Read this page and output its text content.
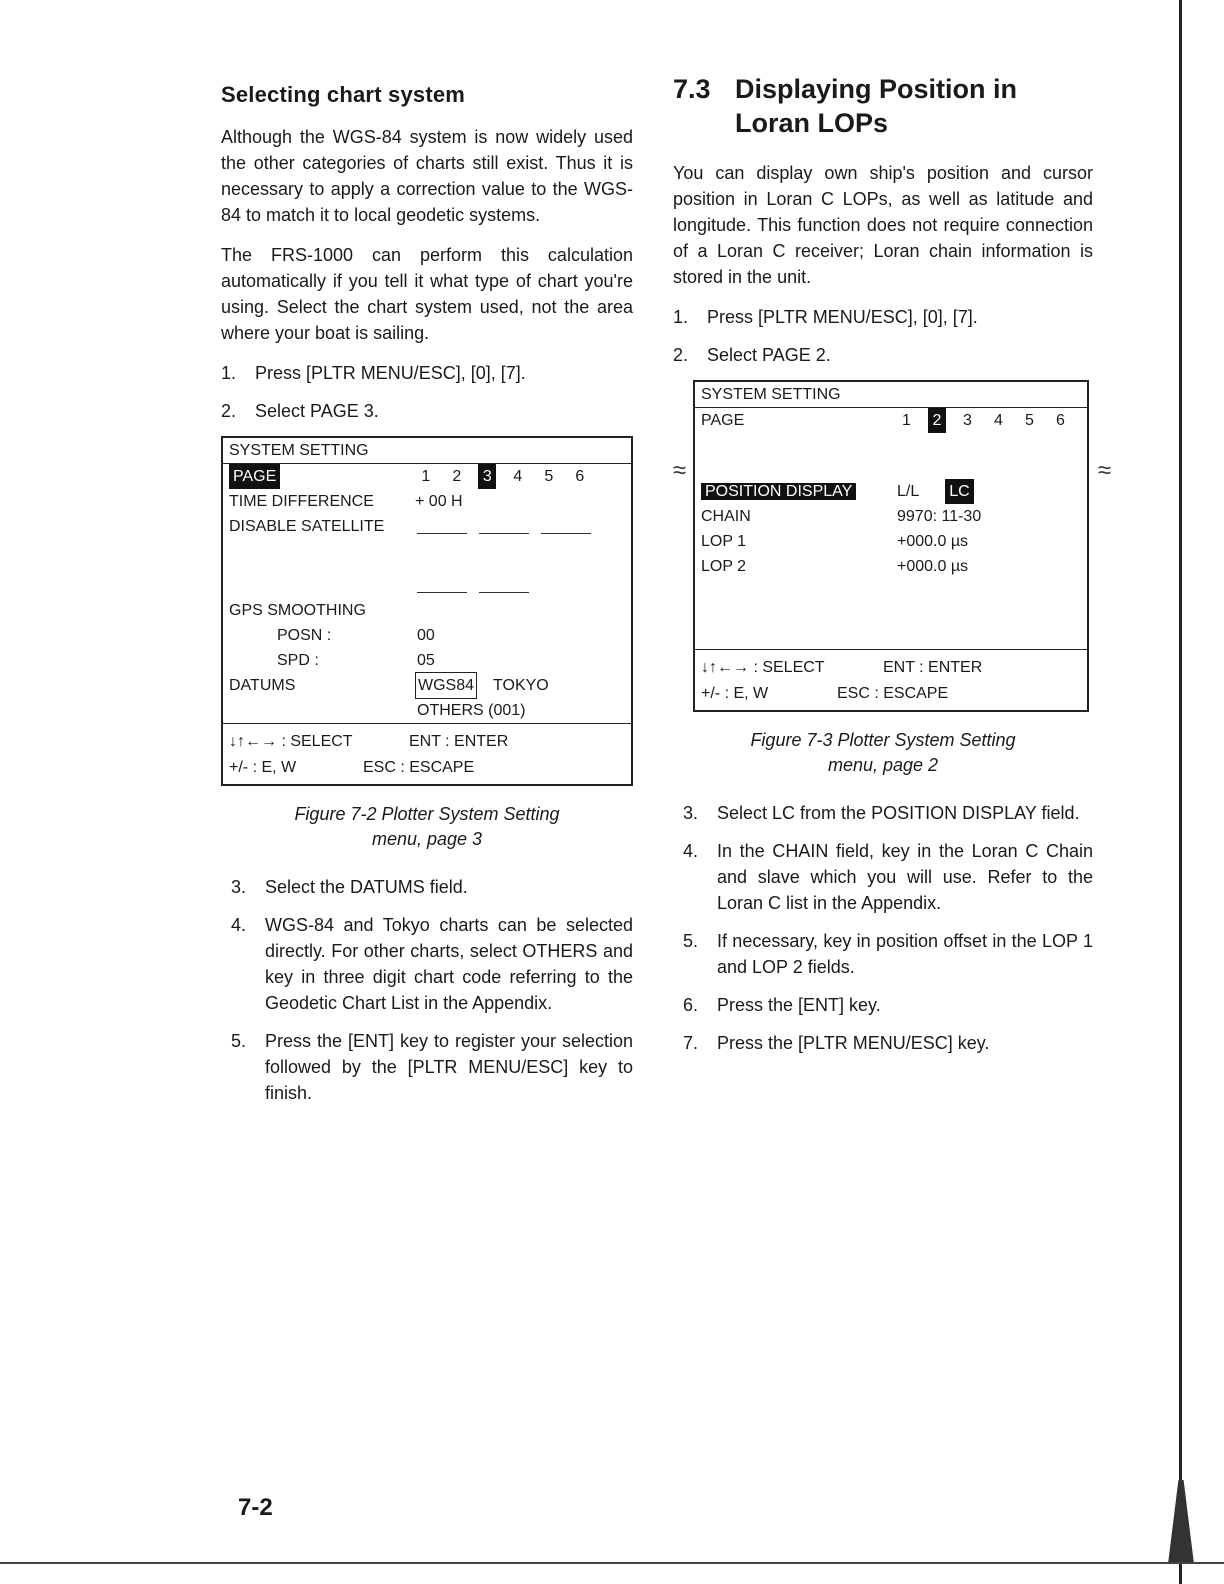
Selecting chart system

Although the WGS-84 system is now widely used the other categories of charts still exist. Thus it is necessary to apply a correction value to the WGS-84 to match it to local geodetic systems.

The FRS-1000 can perform this calculation automatically if you tell it what type of chart you're using. Select the chart system used, not the area where your boat is sailing.

1.	Press [PLTR MENU/ESC], [0], [7].
2.	Select PAGE 3.
SYSTEM SETTING
PAGE	1	2	3	4	5	6
TIME DIFFERENCE	+ 00 H
DISABLE SATELLITE
GPS SMOOTHING
POSN :	00
SPD :	05
DATUMS	WGS84 TOKYO
OTHERS (001)
↓↑←→ : SELECT	ENT : ENTER
+/- : E, W	ESC : ESCAPE
Figure 7-2 Plotter System Setting
menu, page 3
3.	Select the DATUMS field.
4.	WGS-84 and Tokyo charts can be selected directly. For other charts, select OTHERS and key in three digit chart code referring to the Geodetic Chart List in the Appendix.
5.	Press the [ENT] key to register your selection followed by the [PLTR MENU/ESC] key to finish.
7.3 Displaying Position in Loran LOPs

You can display own ship's position and cursor position in Loran C LOPs, as well as latitude and longitude. This function does not require connection of a Loran C receiver; Loran chain information is stored in the unit.

1.	Press [PLTR MENU/ESC], [0], [7].
2.	Select PAGE 2.
SYSTEM SETTING
PAGE	1	2	3	4	5	6
POSITION DISPLAY	L/L LC
CHAIN	9970: 11-30
LOP 1	+000.0 µs
LOP 2	+000.0 µs
↓↑←→ : SELECT	ENT : ENTER
+/- : E, W	ESC : ESCAPE
≈	≈
Figure 7-3 Plotter System Setting
menu, page 2
3.	Select LC from the POSITION DISPLAY field.
4.	In the CHAIN field, key in the Loran C Chain and slave which you will use. Refer to the Loran C list in the Appendix.
5.	If necessary, key in position offset in the LOP 1 and LOP 2 fields.
6.	Press the [ENT] key.
7.	Press the [PLTR MENU/ESC] key.
7-2
